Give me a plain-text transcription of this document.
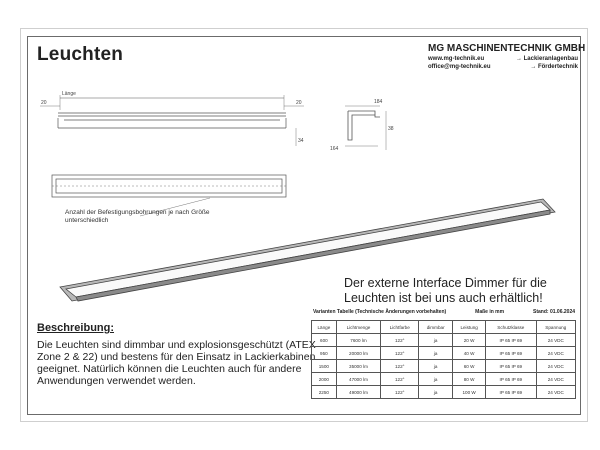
Leuchten	MG MASCHINENTECHNIK GMBH
www.mg-technik.eu	→ Lackieranlagenbau
office@mg-technik.eu	→ Fördertechnik
Länge
20	20
34
184
164
38
Anzahl der Befestigungsbohrungen je nach Größe unterschiedlich
Der externe Interface Dimmer für die Leuchten ist bei uns auch erhältlich!
Beschreibung:
Die Leuchten sind dimmbar und explosionsgeschützt (ATEX Zone 2 & 22) und bestens für den Einsatz in Lackierkabinen geeignet. Natürlich können die Leuchten auch für andere Anwendungen verwendet werden.
Varianten Tabelle (Technische Änderungen vorbehalten)	Maße in mm	Stand: 01.06.2024
Länge	Lichtmenge	Lichtfarbe	dimmbar	Leistung	Schutzklasse	Spannung
600	7600 lm	122°	ja	20 W	IP 65 IP 69	24 VDC
950	20000 lm	122°	ja	40 W	IP 65 IP 69	24 VDC
1500	35000 lm	122°	ja	60 W	IP 65 IP 69	24 VDC
2000	47000 lm	122°	ja	80 W	IP 65 IP 69	24 VDC
2250	49000 lm	122°	ja	100 W	IP 65 IP 69	24 VDC
